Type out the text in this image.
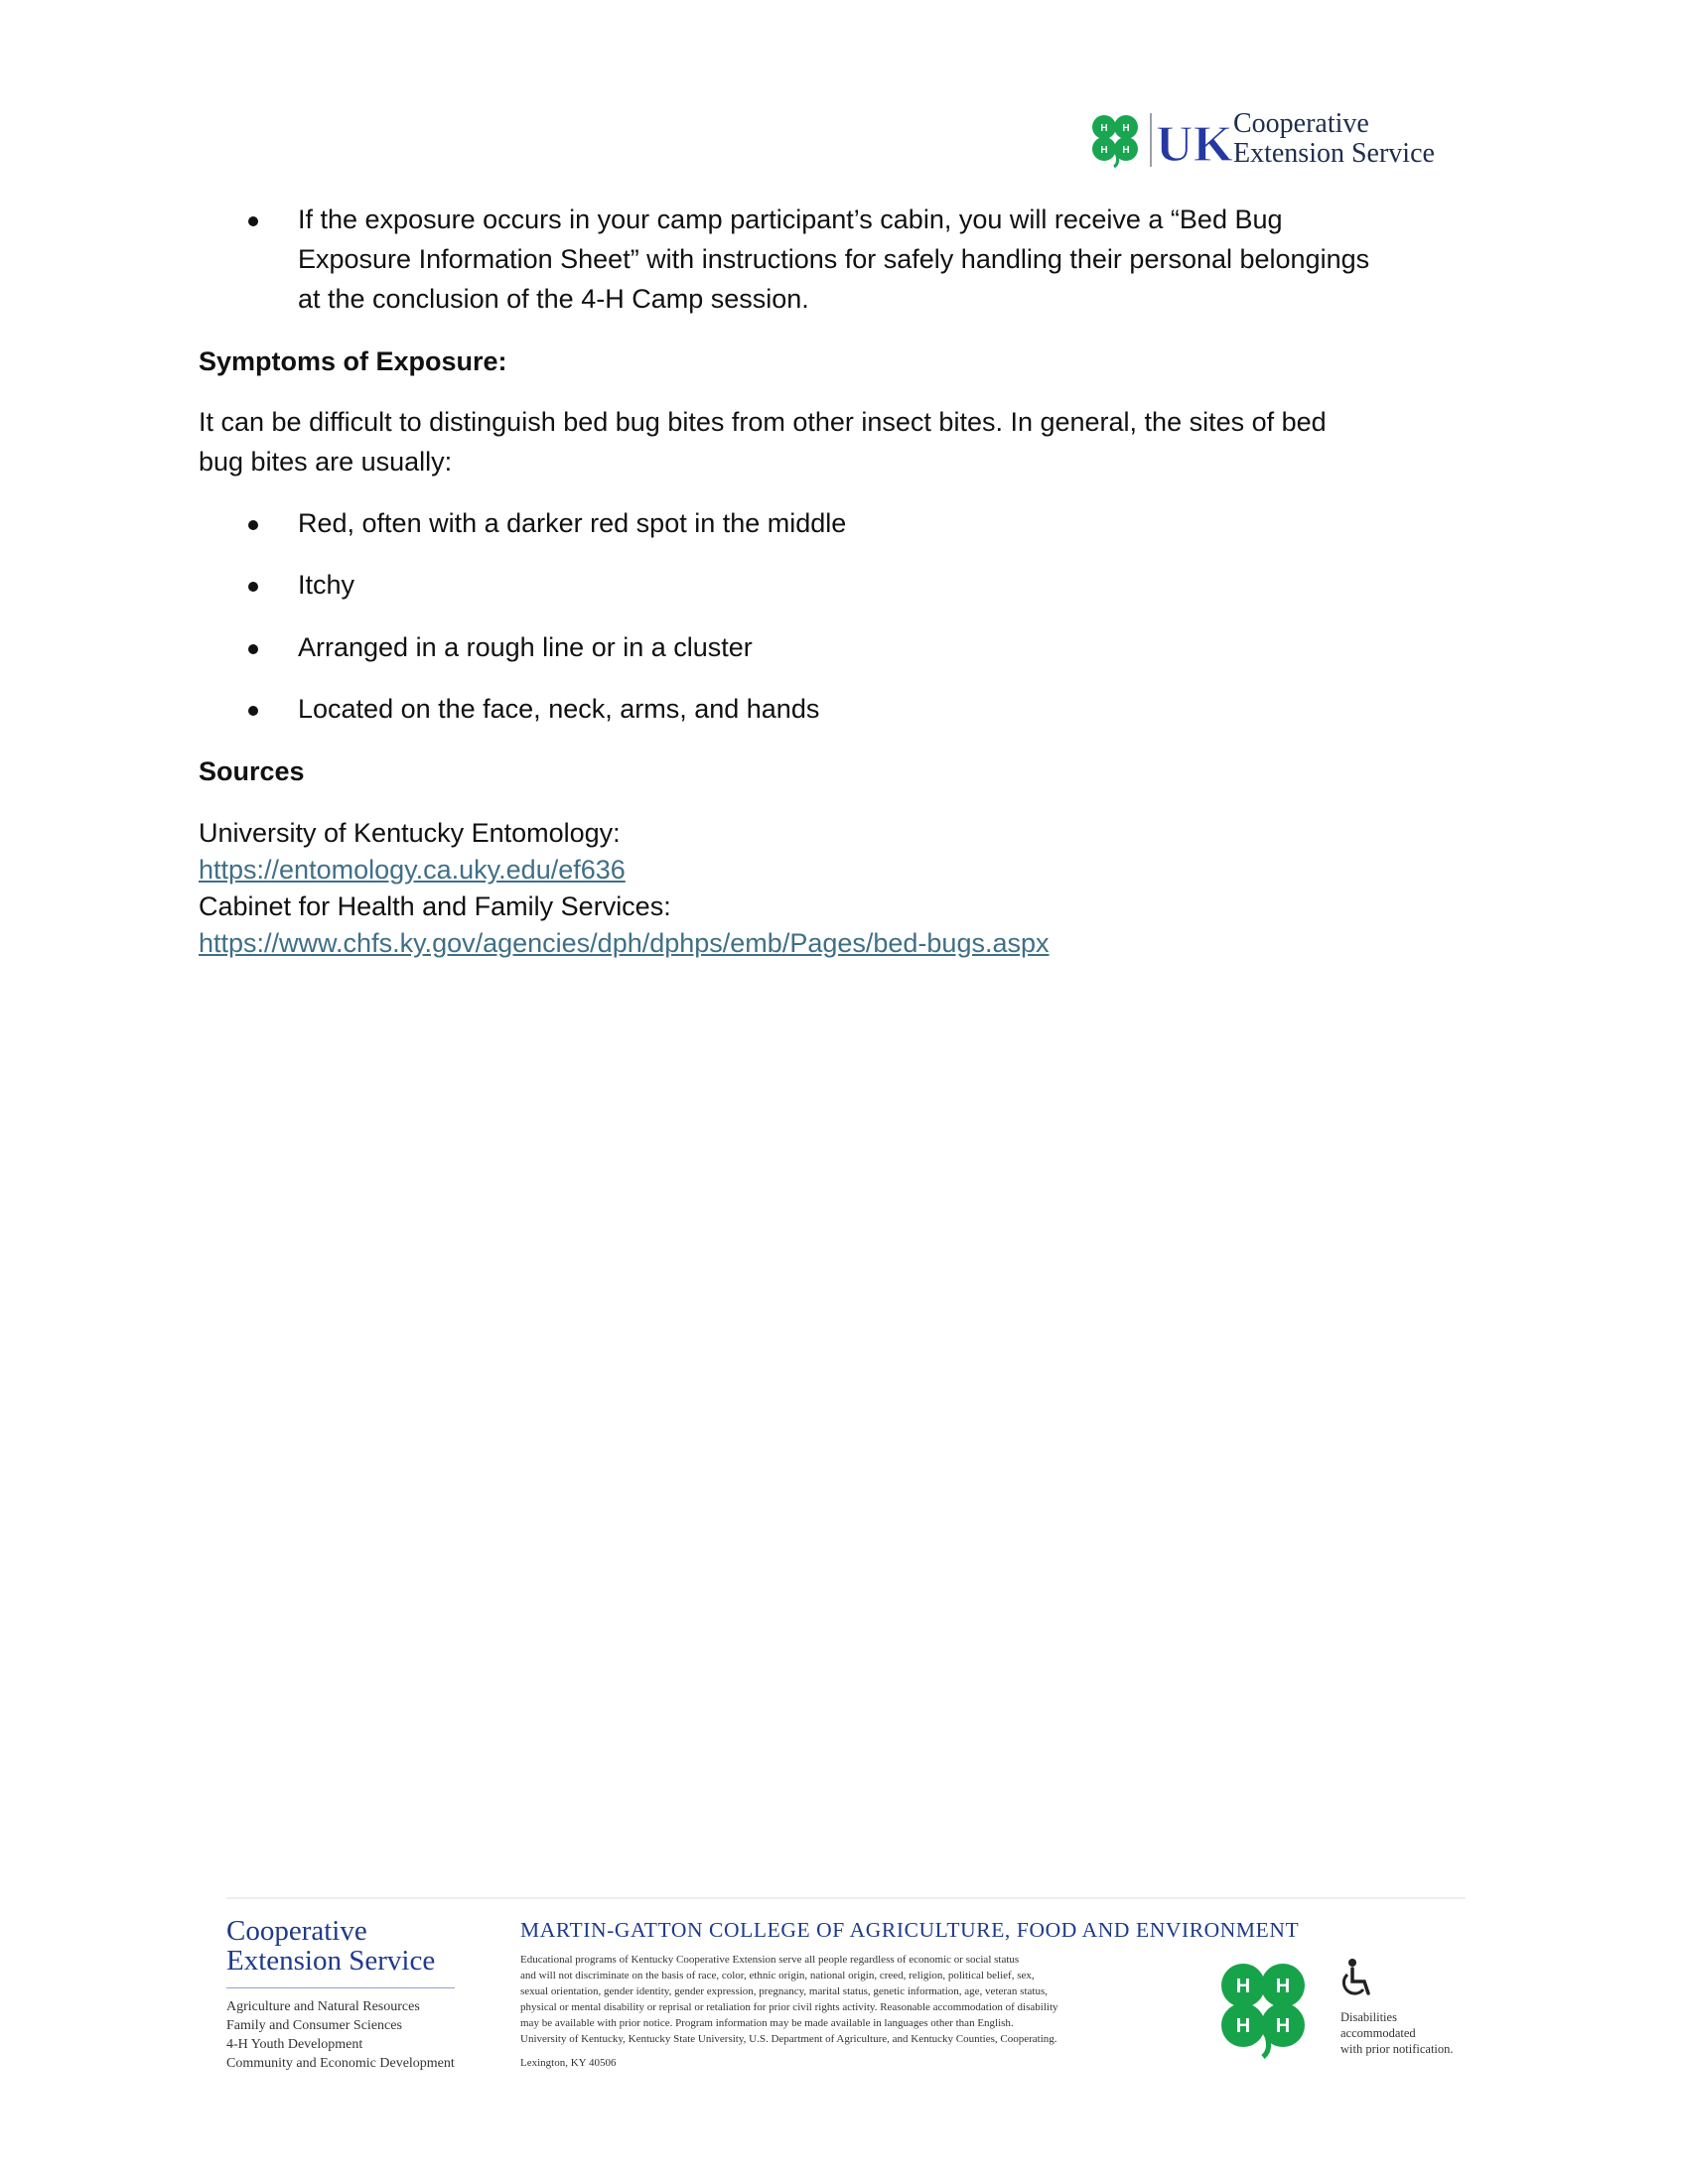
H H
H H UK Cooperative
Extension Service
If the exposure occurs in your camp participant’s cabin, you will receive a “Bed Bug
Exposure Information Sheet” with instructions for safely handling their personal belongings
at the conclusion of the 4-H Camp session.
Symptoms of Exposure:
It can be difficult to distinguish bed bug bites from other insect bites. In general, the sites of bed
bug bites are usually:
Red, often with a darker red spot in the middle
Itchy
Arranged in a rough line or in a cluster
Located on the face, neck, arms, and hands
Sources
University of Kentucky Entomology:
https://entomology.ca.uky.edu/ef636
Cabinet for Health and Family Services:
https://www.chfs.ky.gov/agencies/dph/dphps/emb/Pages/bed-bugs.aspx
Cooperative
Extension Service
Agriculture and Natural Resources
Family and Consumer Sciences
4-H Youth Development
Community and Economic Development
MARTIN-GATTON COLLEGE OF AGRICULTURE, FOOD AND ENVIRONMENT
Educational programs of Kentucky Cooperative Extension serve all people regardless of economic or social status
and will not discriminate on the basis of race, color, ethnic origin, national origin, creed, religion, political belief, sex,
sexual orientation, gender identity, gender expression, pregnancy, marital status, genetic information, age, veteran status,
physical or mental disability or reprisal or retaliation for prior civil rights activity. Reasonable accommodation of disability
may be available with prior notice. Program information may be made available in languages other than English.
University of Kentucky, Kentucky State University, U.S. Department of Agriculture, and Kentucky Counties, Cooperating.
Lexington, KY 40506
H H
H H	Disabilities
accommodated
with prior notification.
